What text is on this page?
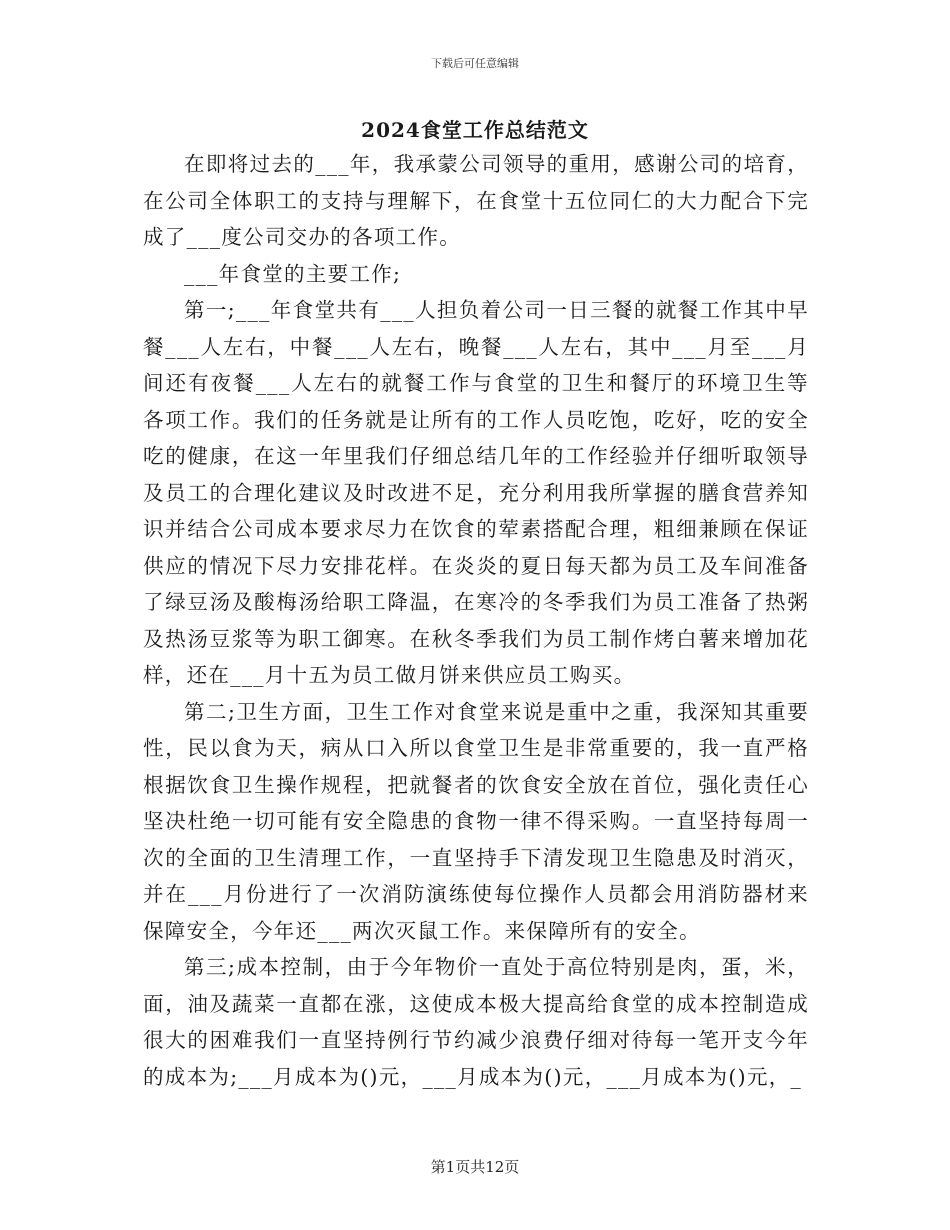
下载后可任意编辑
2024食堂工作总结范文

在即将过去的___年，我承蒙公司领导的重用，感谢公司的培育，在公司全体职工的支持与理解下，在食堂十五位同仁的大力配合下完成了___度公司交办的各项工作。

___年食堂的主要工作;

第一;___年食堂共有___人担负着公司一日三餐的就餐工作其中早餐___人左右，中餐___人左右，晚餐___人左右，其中___月至___月间还有夜餐___人左右的就餐工作与食堂的卫生和餐厅的环境卫生等各项工作。我们的任务就是让所有的工作人员吃饱，吃好，吃的安全吃的健康，在这一年里我们仔细总结几年的工作经验并仔细听取领导及员工的合理化建议及时改进不足，充分利用我所掌握的膳食营养知识并结合公司成本要求尽力在饮食的荤素搭配合理，粗细兼顾在保证供应的情况下尽力安排花样。在炎炎的夏日每天都为员工及车间准备了绿豆汤及酸梅汤给职工降温，在寒冷的冬季我们为员工准备了热粥及热汤豆浆等为职工御寒。在秋冬季我们为员工制作烤白薯来增加花样，还在___月十五为员工做月饼来供应员工购买。

第二;卫生方面，卫生工作对食堂来说是重中之重，我深知其重要性，民以食为天，病从口入所以食堂卫生是非常重要的，我一直严格根据饮食卫生操作规程，把就餐者的饮食安全放在首位，强化责任心坚决杜绝一切可能有安全隐患的食物一律不得采购。一直坚持每周一次的全面的卫生清理工作，一直坚持手下清发现卫生隐患及时消灭，并在___月份进行了一次消防演练使每位操作人员都会用消防器材来保障安全，今年还___两次灭鼠工作。来保障所有的安全。

第三;成本控制，由于今年物价一直处于高位特别是肉，蛋，米，面，油及蔬菜一直都在涨，这使成本极大提高给食堂的成本控制造成很大的困难我们一直坚持例行节约减少浪费仔细对待每一笔开支今年的成本为;___月成本为()元，___月成本为()元，___月成本为()元，_

第1页共12页
